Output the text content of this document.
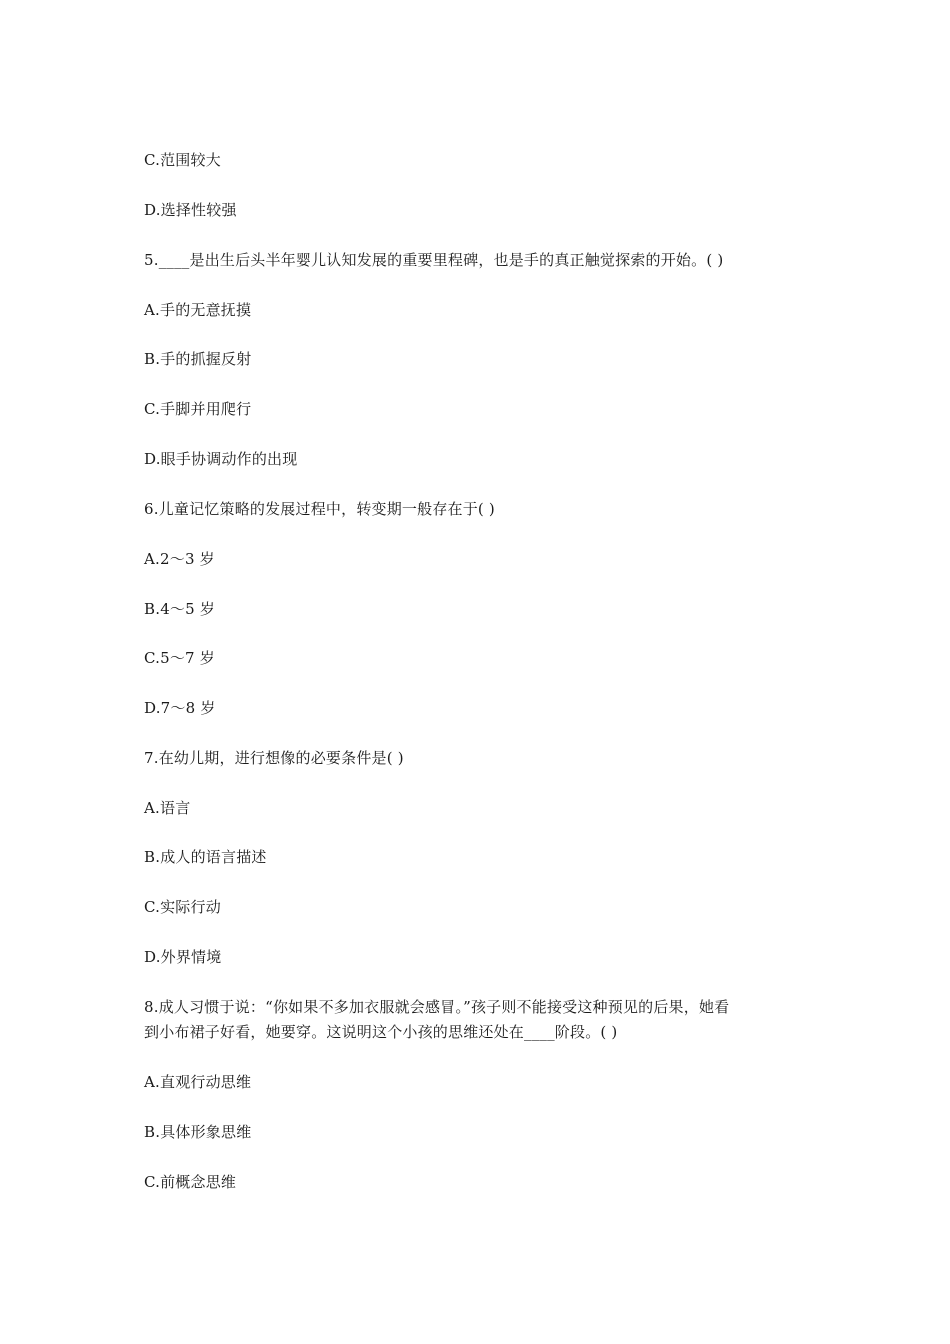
C.范围较大
D.选择性较强
5.____是出生后头半年婴儿认知发展的重要里程碑，也是手的真正触觉探索的开始。( )
A.手的无意抚摸
B.手的抓握反射
C.手脚并用爬行
D.眼手协调动作的出现
6.儿童记忆策略的发展过程中，转变期一般存在于( )
A.2～3 岁
B.4～5 岁
C.5～7 岁
D.7～8 岁
7.在幼儿期，进行想像的必要条件是( )
A.语言
B.成人的语言描述
C.实际行动
D.外界情境
8.成人习惯于说：“你如果不多加衣服就会感冒。”孩子则不能接受这种预见的后果，她看
到小布裙子好看，她要穿。这说明这个小孩的思维还处在____阶段。( )
A.直观行动思维
B.具体形象思维
C.前概念思维
